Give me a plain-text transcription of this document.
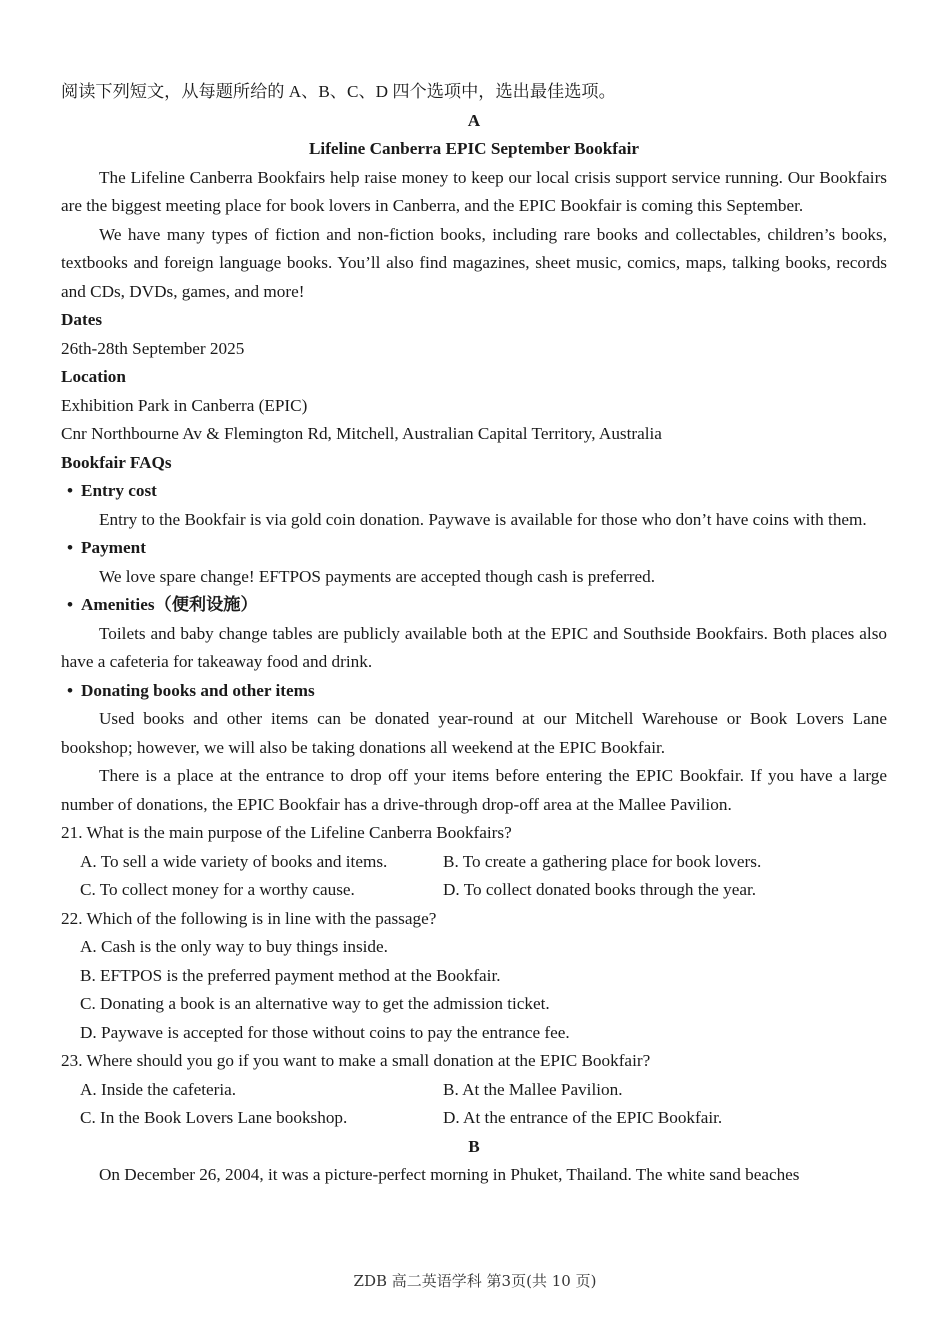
阅读下列短文，从每题所给的 A、B、C、D 四个选项中，选出最佳选项。

A

Lifeline Canberra EPIC September Bookfair

The Lifeline Canberra Bookfairs help raise money to keep our local crisis support service running. Our Bookfairs are the biggest meeting place for book lovers in Canberra, and the EPIC Bookfair is coming this September.

We have many types of fiction and non-fiction books, including rare books and collectables, children’s books, textbooks and foreign language books. You’ll also find magazines, sheet music, comics, maps, talking books, records and CDs, DVDs, games, and more!

Dates

26th-28th September 2025

Location

Exhibition Park in Canberra (EPIC)

Cnr Northbourne Av & Flemington Rd, Mitchell, Australian Capital Territory, Australia

Bookfair FAQs

• Entry cost

Entry to the Bookfair is via gold coin donation. Paywave is available for those who don’t have coins with them.

• Payment

We love spare change! EFTPOS payments are accepted though cash is preferred.

• Amenities（便利设施）

Toilets and baby change tables are publicly available both at the EPIC and Southside Bookfairs. Both places also have a cafeteria for takeaway food and drink.

• Donating books and other items

Used books and other items can be donated year-round at our Mitchell Warehouse or Book Lovers Lane bookshop; however, we will also be taking donations all weekend at the EPIC Bookfair.

There is a place at the entrance to drop off your items before entering the EPIC Bookfair. If you have a large number of donations, the EPIC Bookfair has a drive-through drop-off area at the Mallee Pavilion.

21. What is the main purpose of the Lifeline Canberra Bookfairs?

A. To sell a wide variety of books and items.	B. To create a gathering place for book lovers.
C. To collect money for a worthy cause.	D. To collect donated books through the year.

22. Which of the following is in line with the passage?

A. Cash is the only way to buy things inside.

B. EFTPOS is the preferred payment method at the Bookfair.

C. Donating a book is an alternative way to get the admission ticket.

D. Paywave is accepted for those without coins to pay the entrance fee.

23. Where should you go if you want to make a small donation at the EPIC Bookfair?

A. Inside the cafeteria.	B. At the Mallee Pavilion.
C. In the Book Lovers Lane bookshop.	D. At the entrance of the EPIC Bookfair.

B

On December 26, 2004, it was a picture-perfect morning in Phuket, Thailand. The white sand beaches

ZDB 高二英语学科 第3页(共 10 页)
